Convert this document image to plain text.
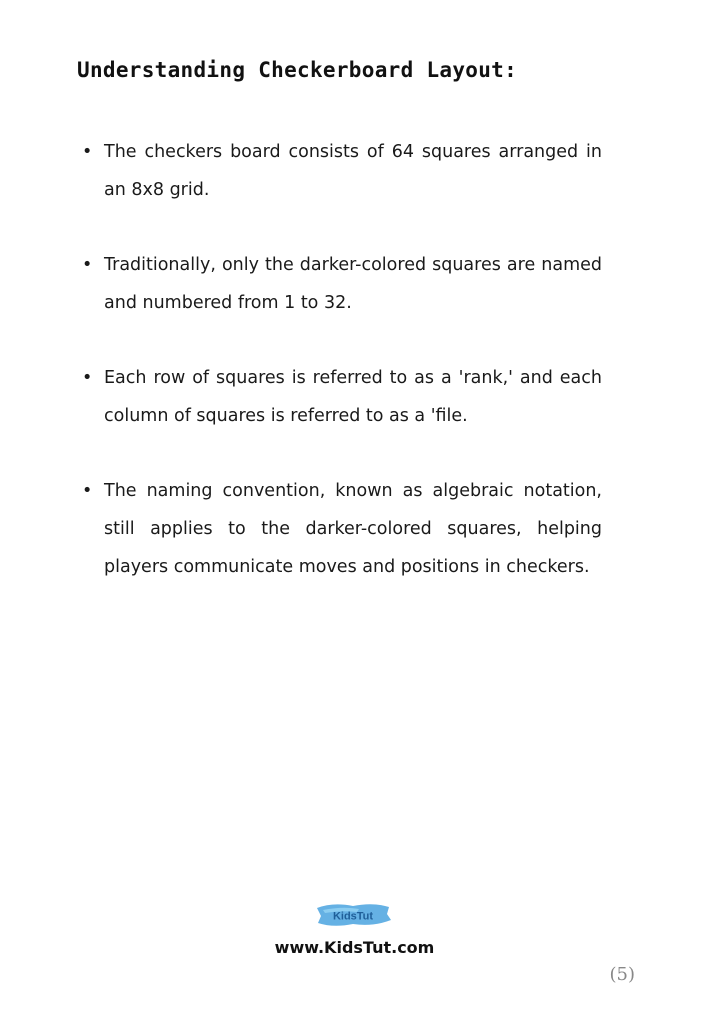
Understanding Checkerboard Layout:
• The checkers board consists of 64 squares arranged in an 8x8 grid.
• Traditionally, only the darker-colored squares are named and numbered from 1 to 32.
• Each row of squares is referred to as a 'rank,' and each column of squares is referred to as a 'file.
• The naming convention, known as algebraic notation, still applies to the darker-colored squares, helping players communicate moves and positions in checkers.
KidsTut
www.KidsTut.com
(5)
